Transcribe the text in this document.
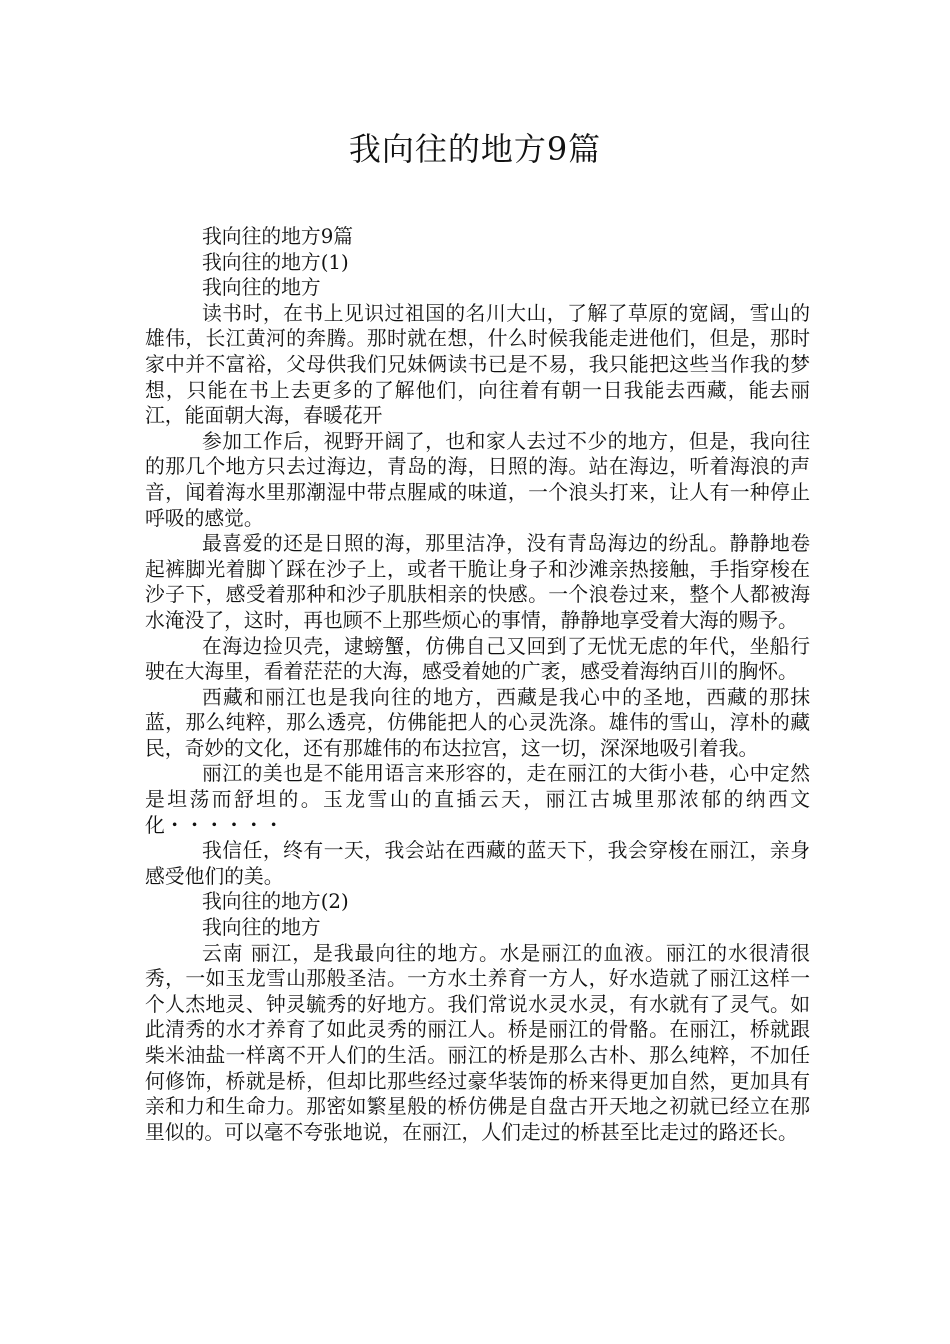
我向往的地方9篇

我向往的地方9篇

我向往的地方(1)

我向往的地方

读书时，在书上见识过祖国的名川大山，了解了草原的宽阔，雪山的雄伟，长江黄河的奔腾。那时就在想，什么时候我能走进他们，但是，那时家中并不富裕，父母供我们兄妹俩读书已是不易，我只能把这些当作我的梦想，只能在书上去更多的了解他们，向往着有朝一日我能去西藏，能去丽江，能面朝大海，春暖花开

参加工作后，视野开阔了，也和家人去过不少的地方，但是，我向往的那几个地方只去过海边，青岛的海，日照的海。站在海边，听着海浪的声音，闻着海水里那潮湿中带点腥咸的味道，一个浪头打来，让人有一种停止呼吸的感觉。

最喜爱的还是日照的海，那里洁净，没有青岛海边的纷乱。静静地卷起裤脚光着脚丫踩在沙子上，或者干脆让身子和沙滩亲热接触，手指穿梭在沙子下，感受着那种和沙子肌肤相亲的快感。一个浪卷过来，整个人都被海水淹没了，这时，再也顾不上那些烦心的事情，静静地享受着大海的赐予。

在海边捡贝壳，逮螃蟹，仿佛自己又回到了无忧无虑的年代，坐船行驶在大海里，看着茫茫的大海，感受着她的广袤，感受着海纳百川的胸怀。

西藏和丽江也是我向往的地方，西藏是我心中的圣地，西藏的那抹蓝，那么纯粹，那么透亮，仿佛能把人的心灵洗涤。雄伟的雪山，淳朴的藏民，奇妙的文化，还有那雄伟的布达拉宫，这一切，深深地吸引着我。

丽江的美也是不能用语言来形容的，走在丽江的大街小巷，心中定然是坦荡而舒坦的。玉龙雪山的直插云天，丽江古城里那浓郁的纳西文化・・・・・・

我信任，终有一天，我会站在西藏的蓝天下，我会穿梭在丽江，亲身感受他们的美。

我向往的地方(2)

我向往的地方

云南 丽江，是我最向往的地方。水是丽江的血液。丽江的水很清很秀，一如玉龙雪山那般圣洁。一方水土养育一方人，好水造就了丽江这样一个人杰地灵、钟灵毓秀的好地方。我们常说水灵水灵，有水就有了灵气。如此清秀的水才养育了如此灵秀的丽江人。桥是丽江的骨骼。在丽江，桥就跟柴米油盐一样离不开人们的生活。丽江的桥是那么古朴、那么纯粹，不加任何修饰，桥就是桥，但却比那些经过豪华装饰的桥来得更加自然，更加具有亲和力和生命力。那密如繁星般的桥仿佛是自盘古开天地之初就已经立在那里似的。可以毫不夸张地说，在丽江，人们走过的桥甚至比走过的路还长。
